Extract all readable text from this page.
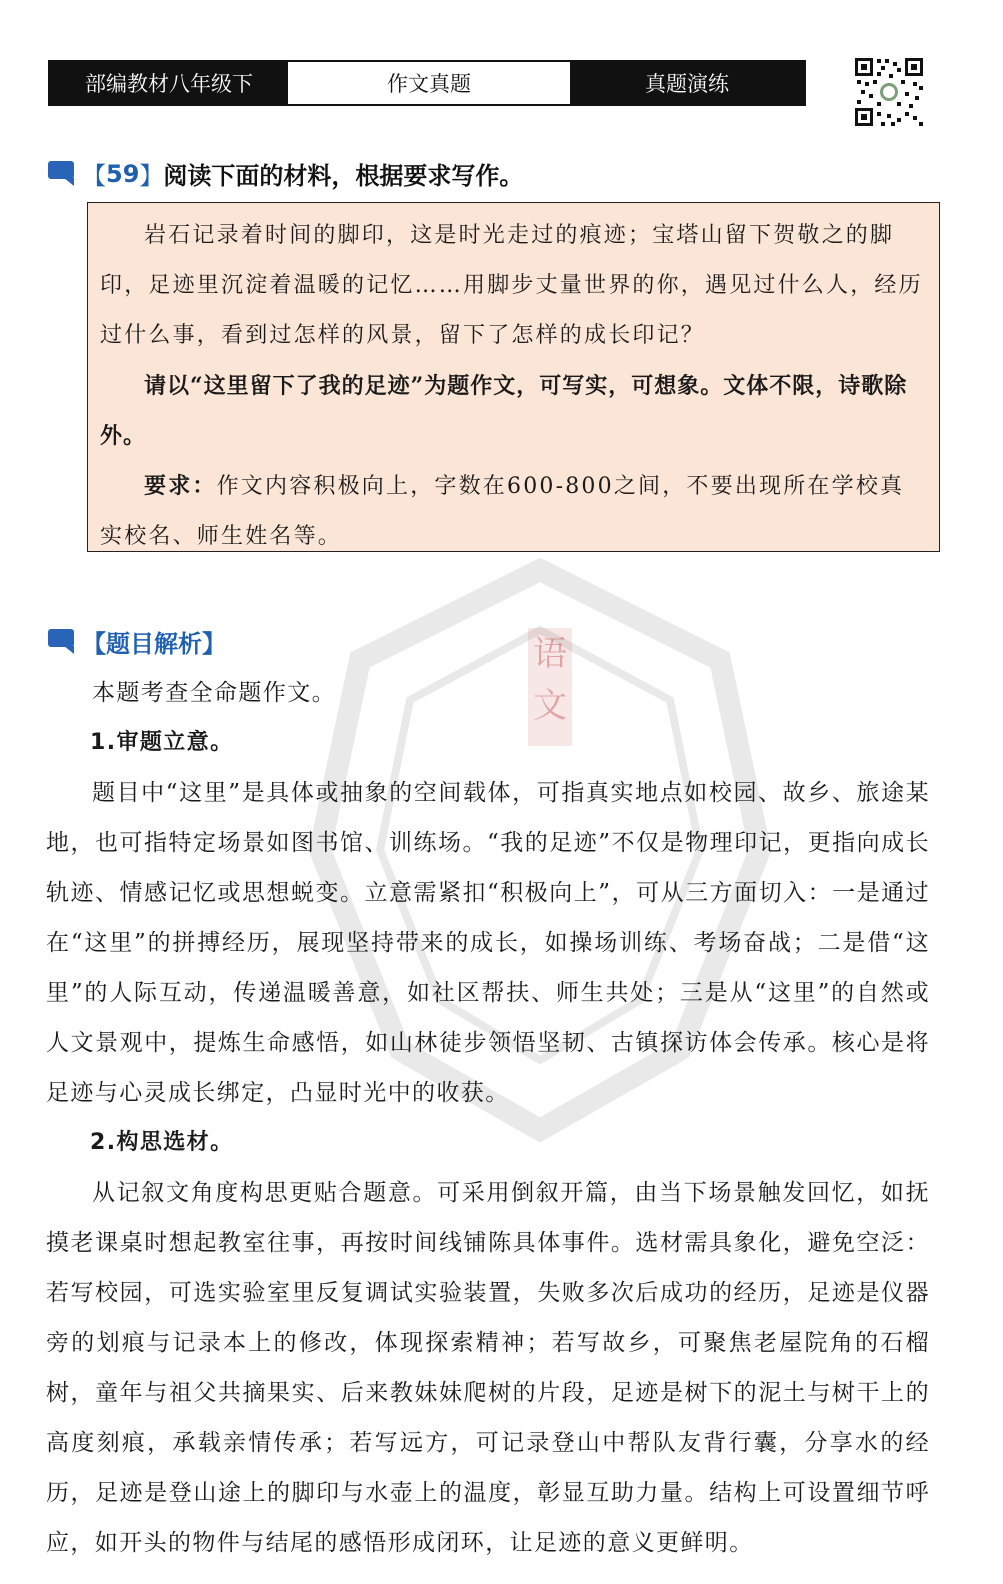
部编教材八年级下	作文真题	真题演练
【 59 】 阅读下面的材料，根据要求写作。

岩石记录着时间的脚印，这是时光走过的痕迹；宝塔山留下贺敬之的脚印，足迹里沉淀着温暖的记忆……用脚步丈量世界的你，遇见过什么人，经历过什么事，看到过怎样的风景，留下了怎样的成长印记？

请以“这里留下了我的足迹”为题作文，可写实，可想象。文体不限，诗歌除外。

要求：作文内容积极向上，字数在600-800之间，不要出现所在学校真实校名、师生姓名等。

语文
【题目解析】

本题考查全命题作文。

1.审题立意。

题目中“这里”是具体或抽象的空间载体，可指真实地点如校园、故乡、旅途某地，也可指特定场景如图书馆、训练场。“我的足迹”不仅是物理印记，更指向成长轨迹、情感记忆或思想蜕变。立意需紧扣“积极向上”，可从三方面切入：一是通过在“这里”的拼搏经历，展现坚持带来的成长，如操场训练、考场奋战；二是借“这里”的人际互动，传递温暖善意，如社区帮扶、师生共处；三是从“这里”的自然或人文景观中，提炼生命感悟，如山林徒步领悟坚韧、古镇探访体会传承。核心是将足迹与心灵成长绑定，凸显时光中的收获。

2.构思选材。

从记叙文角度构思更贴合题意。可采用倒叙开篇，由当下场景触发回忆，如抚摸老课桌时想起教室往事，再按时间线铺陈具体事件。选材需具象化，避免空泛：若写校园，可选实验室里反复调试实验装置，失败多次后成功的经历，足迹是仪器旁的划痕与记录本上的修改，体现探索精神；若写故乡，可聚焦老屋院角的石榴树，童年与祖父共摘果实、后来教妹妹爬树的片段，足迹是树下的泥土与树干上的高度刻痕，承载亲情传承；若写远方，可记录登山中帮队友背行囊，分享水的经历，足迹是登山途上的脚印与水壶上的温度，彰显互助力量。结构上可设置细节呼应，如开头的物件与结尾的感悟形成闭环，让足迹的意义更鲜明。
